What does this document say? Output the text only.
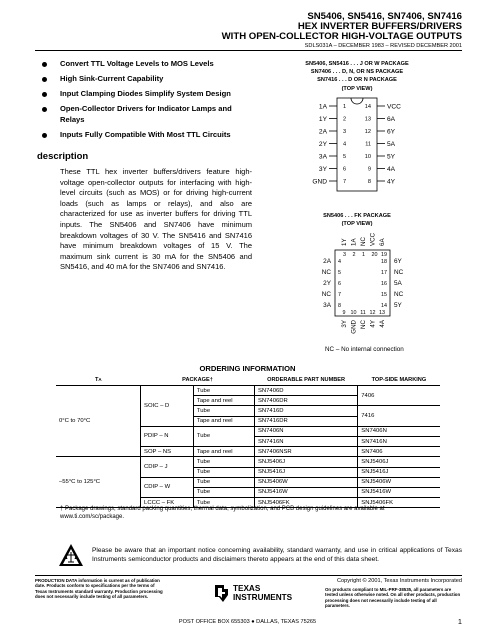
SN5406, SN5416, SN7406, SN7416
HEX INVERTER BUFFERS/DRIVERS
WITH OPEN-COLLECTOR HIGH-VOLTAGE OUTPUTS
SDLS031A – DECEMBER 1983 – REVISED DECEMBER 2001
Convert TTL Voltage Levels to MOS Levels
High Sink-Current Capability
Input Clamping Diodes Simplify System Design
Open-Collector Drivers for Indicator Lamps and Relays
Inputs Fully Compatible With Most TTL Circuits
description
These TTL hex inverter buffers/drivers feature high-voltage open-collector outputs for interfacing with high-level circuits (such as MOS) or for driving high-current loads (such as lamps or relays), and also are characterized for use as inverter buffers for driving TTL inputs. The SN5406 and SN7406 have minimum breakdown voltages of 30 V. The SN5416 and SN7416 have minimum breakdown voltages of 15 V. The maximum sink current is 30 mA for the SN5406 and SN5416, and 40 mA for the SN7406 and SN7416.
SN5406, SN5416 . . . J OR W PACKAGE
SN7406 . . . D, N, OR NS PACKAGE
SN7416 . . . D OR N PACKAGE
(TOP VIEW)
1A	1
1Y	2
2A	3
2Y	4
3A	5
3Y	6
GND	7
VCC
14
6A
13
6Y
12
5A
11
5Y
10
4A
9
4Y
8
SN5406 . . . FK PACKAGE
(TOP VIEW)
1Y
3
1A
2
NC
1
VCC
20
6A
19
2A 4
NC 5
2Y 6
NC 7
3A 8
6Y
18
NC
17
5A
16
NC
15
5Y
14
9 10 11 12 13
3Y GND NC 4Y 4A
NC – No internal connection
ORDERING INFORMATION
TA	PACKAGE†		ORDERABLE PART NUMBER	TOP-SIDE MARKING
0°C to 70°C	SOIC – D	Tube	SN7406D	7406
		Tape and reel	SN7406DR	
		Tube	SN7416D	7416
		Tape and reel	SN7416DR	
	PDIP – N	Tube	SN7406N	SN7406N
			SN7416N	SN7416N
	SOP – NS	Tape and reel	SN7406NSR	SN7406
–55°C to 125°C	CDIP – J	Tube	SNJ5406J	SNJ5406J
		Tube	SNJ5416J	SNJ5416J
	CDIP – W	Tube	SNJ5406W	SNJ5406W
		Tube	SNJ5416W	SNJ5416W
	LCCC – FK	Tube	SNJ5406FK	SNJ5406FK
† Package drawings, standard packing quantities, thermal data, symbolization, and PCB design guidelines are available at www.ti.com/sc/package.
Please be aware that an important notice concerning availability, standard warranty, and use in critical applications of Texas Instruments semiconductor products and disclaimers thereto appears at the end of this data sheet.
PRODUCTION DATA information is current as of publication date. Products conform to specifications per the terms of Texas Instruments standard warranty. Production processing does not necessarily include testing of all parameters.
TEXAS
INSTRUMENTS
Copyright © 2001, Texas Instruments Incorporated
On products compliant to MIL-PRF-38535, all parameters are tested unless otherwise noted. On all other products, production processing does not necessarily include testing of all parameters.
POST OFFICE BOX 655303 ● DALLAS, TEXAS 75265	1
